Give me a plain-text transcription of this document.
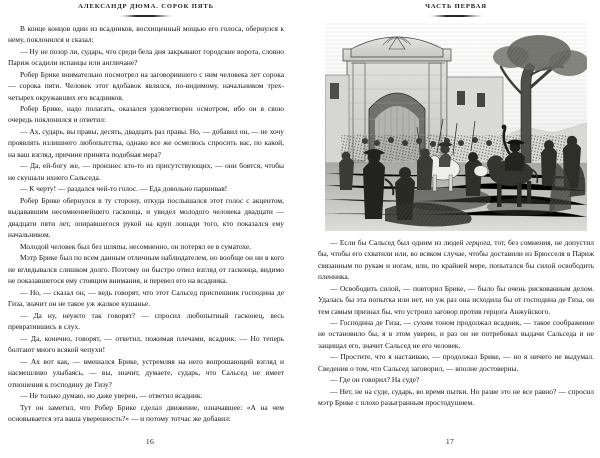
АЛЕКСАНДР ДЮМА. СОРОК ПЯТЬ

В конце концов один из всадников, восхищенный мощью его голоса, обернулся к нему, поклонился и сказал:

— Ну не позор ли, сударь, что среди бела дня закрывают городские ворота, словно Париж осадили испанцы или англичане?

Робер Брике внимательно посмотрел на заговорившего с ним человека лет сорока — сорока пяти. Человек этот вдобавок являлся, по-видимому, начальником трех-четырех окружавших его всадников.

Робер Брике, надо полагать, оказался удовлетворен осмотром, ибо он в свою очередь поклонился и ответил:

— Ах, сударь, вы правы, десять, двадцать раз правы. Но, — добавил он, — не хочу проявлять излишнего любопытства, однако все же осмелюсь спросить вас, по какой, на ваш взгляд, причине принята подобная мера?

— Да, ей-богу же, — произнес кто-то из присутствующих, — они боятся, чтобы не скушали ихнего Сальседа.

— К черту! — раздался чей-то голос. — Еда довольно паршивая!

Робер Брике обернулся в ту сторону, откуда послышался этот голос с акцентом, выдававшим несомненнейшего гасконца, и увидел молодого человека двадцати — двадцати пяти лет, опиравшегося рукой на круп лошади того, кто показался ему начальником.

Молодой человек был без шляпы, несомненно, он потерял ее в суматохе.

Мэтр Брике был по всем данным отличным наблюдателем, но вообще он ни в кого не вглядывался слишком долго. Поэтому он быстро отвел взгляд от гасконца, видимо не показавшегося ему стоящим внимания, и перевел его на всадника.

— Но, — сказал он, — ведь говорят, что этот Сальсед приспешник господина де Гиза, значит он не такое уж жалкое кушанье.

— Да ну, неужто так говорят? — спросил любопытный гасконец, весь превратившись в слух.

— Да, конечно, говорят, — ответил, пожимая плечами, всадник. — Но теперь болтают много всякой чепухи!

— Ах вот как, — вмешался Брике, устремляя на него вопрошающий взгляд и насмешливо улыбаясь, — вы, значит, думаете, сударь, что Сальсед не имеет отношения к господину де Гизу?

— Не только думаю, но даже уверен, — ответил всадник.

Тут он заметил, что Робер Брике сделал движение, означавшее: «А на чем основывается эта ваша уверенность?» — и потому тотчас же добавил:

16
ЧАСТЬ ПЕРВАЯ

— Если бы Сальсед был одним из людей герцога, тот, без сомнения, не допустил бы, чтобы его схватили или, во всяком случае, чтобы доставили из Брюсселя в Париж связанным по рукам и ногам, или, по крайней мере, попытался бы силой освободить пленника.

— Освободить силой, — повторил Брике, — было бы очень рискованным делом. Удалась бы эта попытка или нет, но уж раз она исходила бы от господина де Гиза, он тем самым признал бы, что устроил заговор против герцога Анжуйского.

— Господина де Гиза, — сухим тоном продолжал всадник, — такое соображение не остановило бы, я в этом уверен, и раз он не потребовал выдачи Сальседа и не защищал его, значит Сальсед не его человек.

— Простите, что я настаиваю, — продолжал Брике, — но я ничего не выдумал. Сведения о том, что Сальсед заговорил, — вполне достоверны.

— Где он говорил? На суде?

— Нет, не на суде, сударь, во время пытки. Но разве это не все равно? — спросил мэтр Брике с плохо разыгранным простодушием.

17
